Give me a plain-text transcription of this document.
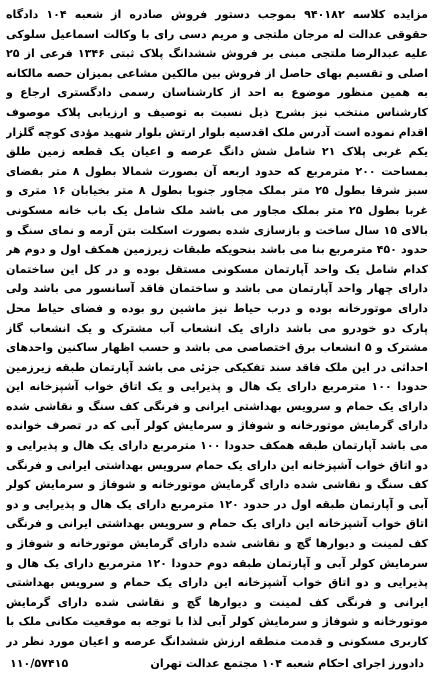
مزایده کلاسه ۹۴۰۱۸۲ بموجب دستور فروش صادره از شعبه ۱۰۴ دادگاه حقوقی عدالت له مرجان ملتجی و مریم دسی رای با وکالت اسماعیل سلوکی علیه عبدالرضا ملتجی مبنی بر فروش ششدانگ پلاک ثبتی ۱۳۴۶ فرعی از ۲۵ اصلی و تقسیم بهای حاصل از فروش بین مالکین مشاعی بمیزان حصه مالکانه به همین منظور موضوع به احد از کارشناسان رسمی دادگستری ارجاع و کارشناس منتخب نیز بشرح ذیل نسبت به توصیف و ارزیابی پلاک موصوف اقدام نموده است آدرس ملک اقدسیه بلوار ارتش بلوار شهید مؤدی کوچه گلزار یکم غربی پلاک ۲۱ شامل شش دانگ عرصه و اعیان یک قطعه زمین طلق بمساحت ۲۰۰ مترمربع که حدود اربعه آن بصورت شمالا بطول ۸ متر بفضای سبز شرقا بطول ۲۵ متر بملک مجاور جنوبا بطول ۸ متر بخیابان ۱۶ متری و غربا بطول ۲۵ متر بملک مجاور می باشد ملک شامل یک باب خانه مسکونی بالای ۱۵ سال ساخت و بازسازی شده بصورت اسکلت بتن آرمه و نمای سنگ و حدود ۴۵۰ مترمربع بنا می باشد بنحویکه طبقات زیرزمین همکف اول و دوم هر کدام شامل یک واحد آپارتمان مسکونی مستقل بوده و در کل این ساختمان دارای چهار واحد آپارتمان می باشد و ساختمان فاقد آسانسور می باشد ولی دارای موتورخانه بوده و درب حیاط نیز ماشین رو بوده و فضای حیاط محل پارک دو خودرو می باشد دارای یک انشعاب آب مشترک و یک انشعاب گاز مشترک و ۵ انشعاب برق اختصاصی می باشد و حسب اظهار ساکنین واحدهای احداثی در این ملک فاقد سند تفکیکی جزئی می باشد آپارتمان طبقه زیرزمین حدودا ۱۰۰ مترمربع دارای یک هال و پذیرایی و یک اتاق خواب آشپزخانه این دارای یک حمام و سرویس بهداشتی ایرانی و فرنگی کف سنگ و نقاشی شده دارای گرمایش موتورخانه و شوفاژ و سرمایش کولر آبی که در تصرف خوانده می باشد آپارتمان طبقه همکف حدودا ۱۰۰ مترمربع دارای یک هال و پذیرایی و دو اتاق خواب آشپزخانه این دارای یک حمام سرویس بهداشتی ایرانی و فرنگی کف سنگ و نقاشی شده دارای گرمایش موتورخانه و شوفاژ و سرمایش کولر آبی و آپارتمان طبقه اول در حدود ۱۲۰ مترمربع دارای یک هال و پذیرایی و دو اتاق خواب آشپزخانه این دارای یک حمام و سرویس بهداشتی ایرانی و فرنگی کف لمینت و دیوارها گچ و نقاشی شده دارای گرمایش موتورخانه و شوفاژ و سرمایش کولر آبی و آپارتمان طبقه دوم حدودا ۱۲۰ مترمربع دارای یک هال و پذیرایی و دو اتاق خواب آشپزخانه این دارای یک حمام و سرویس بهداشتی ایرانی و فرنگی کف لمینت و دیوارها گچ و نقاشی شده دارای گرمایش موتورخانه و شوفاژ و سرمایش کولر آبی لذا با توجه به موقعیت مکانی ملک با کاربری مسکونی و قدمت منطقه ارزش ششدانگ عرصه و اعیان مورد نظر در

دادورز اجرای احکام شعبه ۱۰۴ مجتمع عدالت تهران
۱۱۰/۵۷۴۱۵
